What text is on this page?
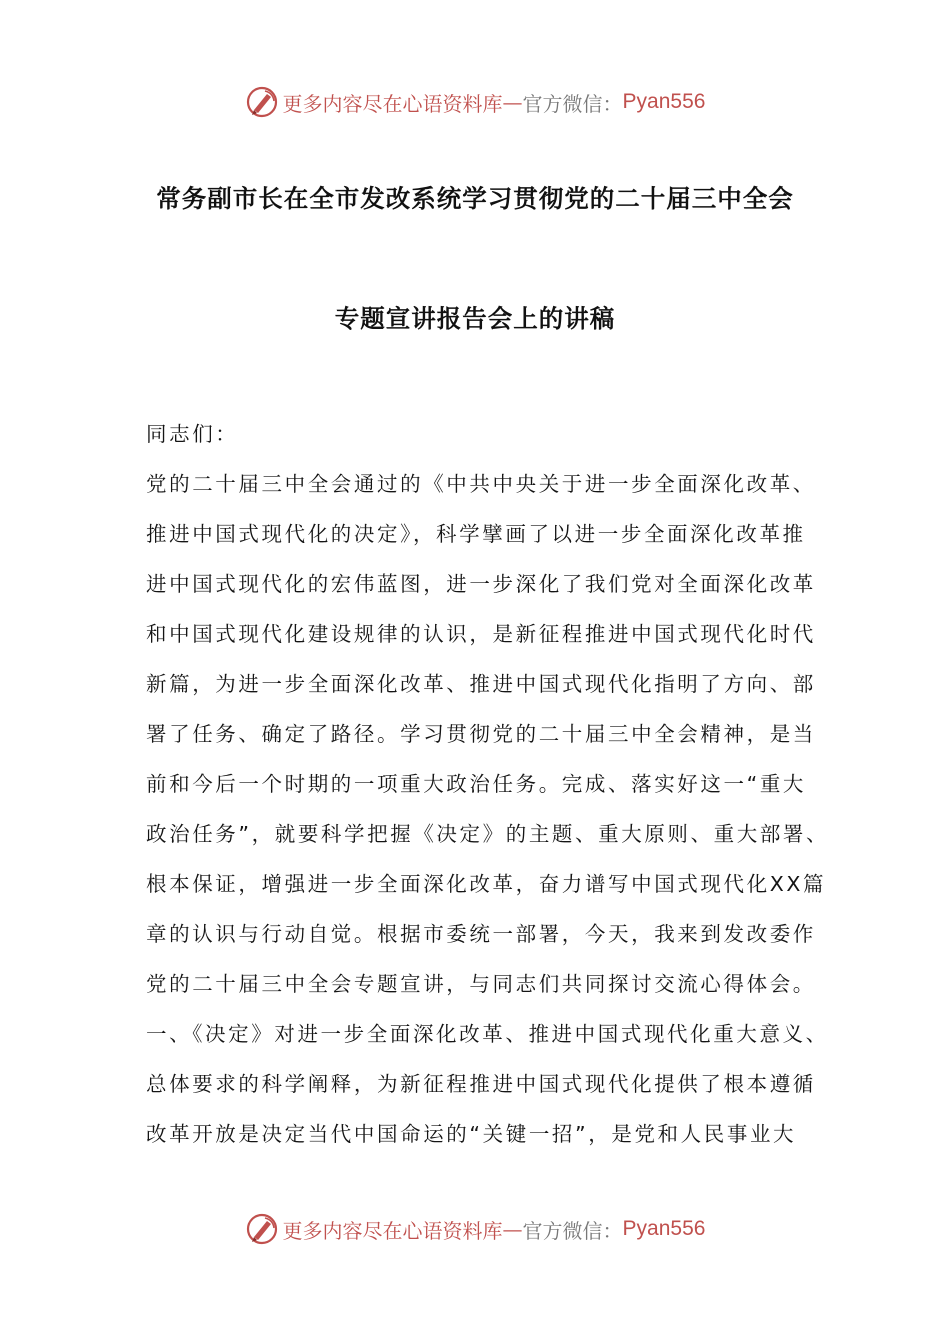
更多内容尽在心语资料库 — 官方微信： Pyan556
常务副市长在全市发改系统学习贯彻党的二十届三中全会
专题宣讲报告会上的讲稿
同志们：
党的二十届三中全会通过的《中共中央关于进一步全面深化改革、
推进中国式现代化的决定》，科学擘画了以进一步全面深化改革推
进中国式现代化的宏伟蓝图，进一步深化了我们党对全面深化改革
和中国式现代化建设规律的认识，是新征程推进中国式现代化时代
新篇，为进一步全面深化改革、推进中国式现代化指明了方向、部
署了任务、确定了路径。学习贯彻党的二十届三中全会精神，是当
前和今后一个时期的一项重大政治任务。完成、落实好这一“重大
政治任务”，就要科学把握《决定》的主题、重大原则、重大部署、
根本保证，增强进一步全面深化改革，奋力谱写中国式现代化XX篇
章的认识与行动自觉。根据市委统一部署，今天，我来到发改委作
党的二十届三中全会专题宣讲，与同志们共同探讨交流心得体会。
一、《决定》对进一步全面深化改革、推进中国式现代化重大意义、
总体要求的科学阐释，为新征程推进中国式现代化提供了根本遵循
改革开放是决定当代中国命运的“关键一招”，是党和人民事业大
更多内容尽在心语资料库 — 官方微信： Pyan556
